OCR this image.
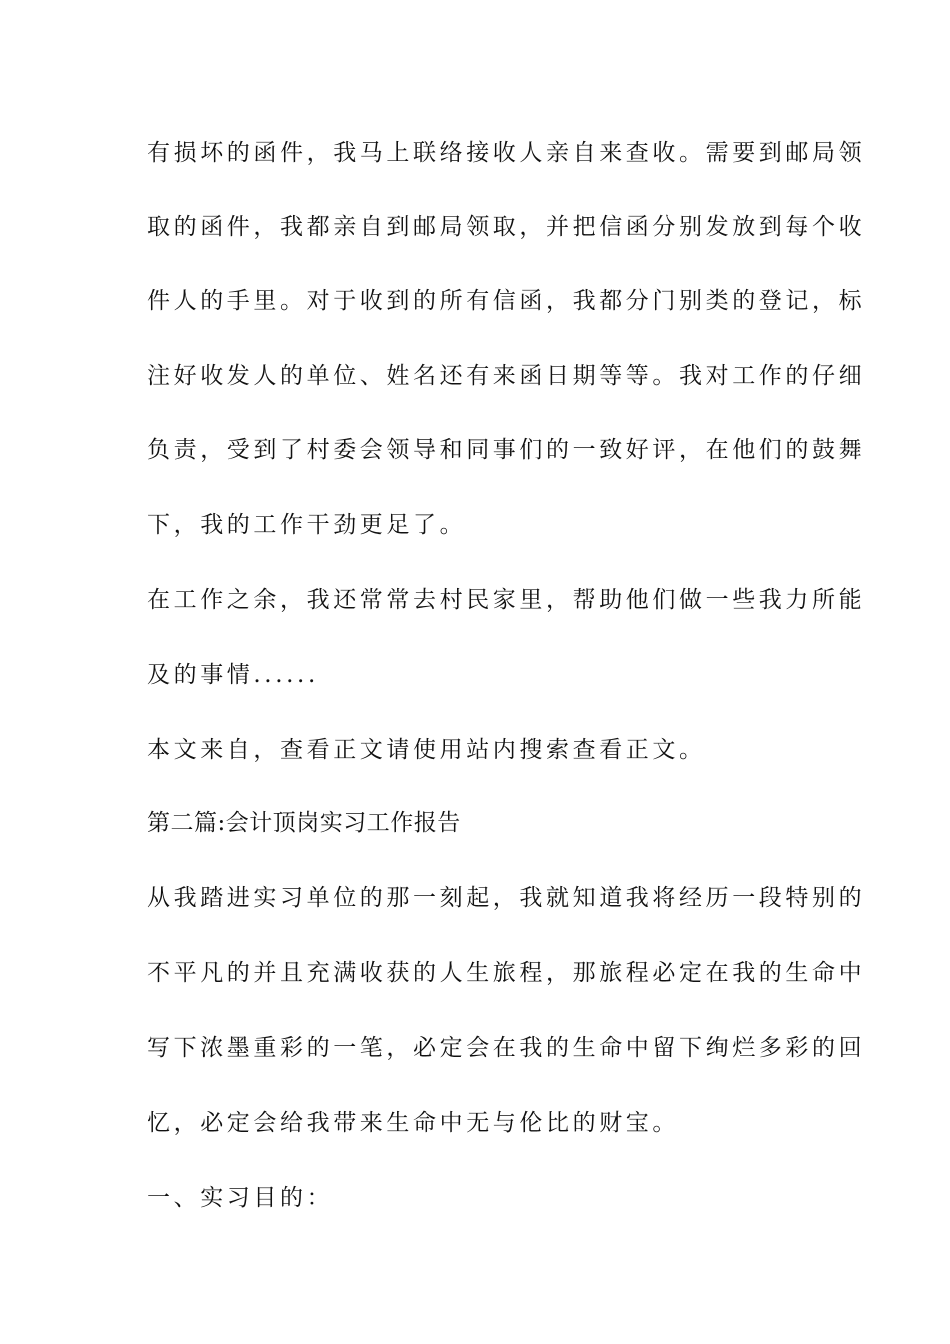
有损坏的函件，我马上联络接收人亲自来查收。需要到邮局领
取的函件，我都亲自到邮局领取，并把信函分别发放到每个收
件人的手里。对于收到的所有信函，我都分门别类的登记，标
注好收发人的单位、姓名还有来函日期等等。我对工作的仔细
负责，受到了村委会领导和同事们的一致好评，在他们的鼓舞
下，我的工作干劲更足了。
在工作之余，我还常常去村民家里，帮助他们做一些我力所能
及的事情......
本文来自，查看正文请使用站内搜索查看正文。
第二篇:会计顶岗实习工作报告
从我踏进实习单位的那一刻起，我就知道我将经历一段特别的
不平凡的并且充满收获的人生旅程，那旅程必定在我的生命中
写下浓墨重彩的一笔，必定会在我的生命中留下绚烂多彩的回
忆，必定会给我带来生命中无与伦比的财宝。
一、实习目的：
